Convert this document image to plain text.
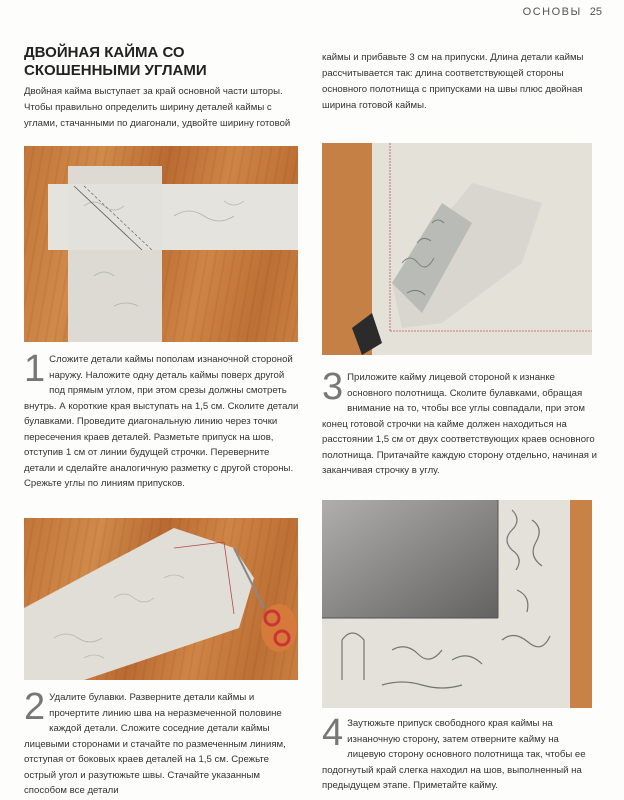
ОСНОВЫ 25
ДВОЙНАЯ КАЙМА СО СКОШЕННЫМИ УГЛАМИ
Двойная кайма выступает за край основной части шторы. Чтобы правильно определить ширину деталей каймы с углами, стачанными по диагонали, удвойте ширину готовой
каймы и прибавьте 3 см на припуски. Длина детали каймы рассчитывается так: длина соответствующей стороны основного полотнища с припусками на швы плюс двойная ширина готовой каймы.
1 Сложите детали каймы пополам изнаночной стороной наружу. Наложите одну деталь каймы поверх другой под прямым углом, при этом срезы должны смотреть внутрь. А короткие края выступать на 1,5 см. Сколите детали булавками. Проведите диагональную линию через точки пересечения краев деталей. Разметьте припуск на шов, отступив 1 см от линии будущей строчки. Переверните детали и сделайте аналогичную разметку с другой стороны. Срежьте углы по линиям припусков.
3 Приложите кайму лицевой стороной к изнанке основного полотнища. Сколите булавками, обращая внимание на то, чтобы все углы совпадали, при этом конец готовой строчки на кайме должен находиться на расстоянии 1,5 см от двух соответствующих краев основного полотнища. Притачайте каждую сторону отдельно, начиная и заканчивая строчку в углу.
2 Удалите булавки. Разверните детали каймы и прочертите линию шва на неразмеченной половине каждой детали. Сложите соседние детали каймы лицевыми сторонами и стачайте по размеченным линиям, отступая от боковых краев деталей на 1,5 см. Срежьте острый угол и разутюжьте швы. Стачайте указанным способом все детали
4 Заутюжьте припуск свободного края каймы на изнаночную сторону, затем отверните кайму на лицевую сторону основного полотнища так, чтобы ее подогнутый край слегка находил на шов, выполненный на предыдущем этапе. Приметайте кайму.
